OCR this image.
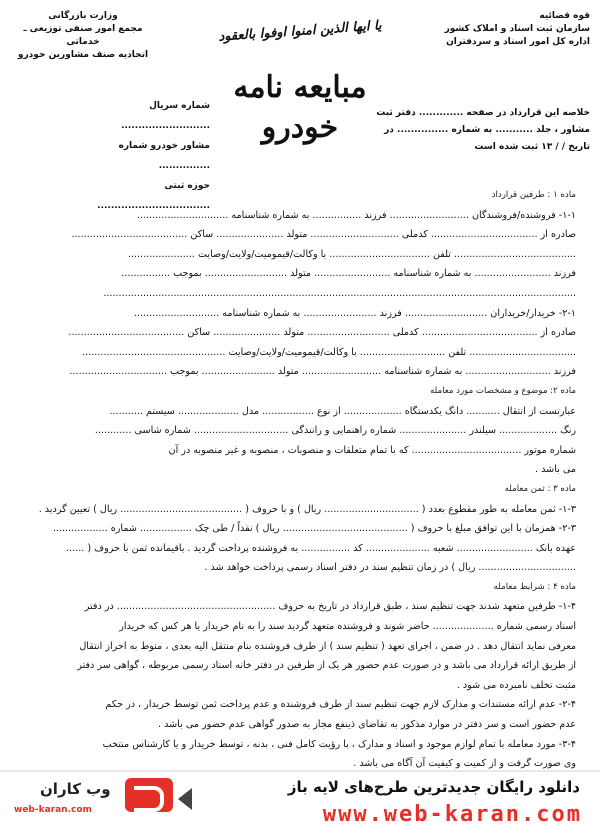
وزارت بازرگانی
مجمع امور صنفی توزیعی ـ خدماتی
اتحادیه صنف مشاورین خودرو
قوه قضائیه
سازمان ثبت اسناد و املاک کشور
اداره کل امور اسناد و سردفتران
یا ایها الذین امنوا اوفوا بالعقود
مبایعه نامه
خودرو
شماره سریال ..........................
مشاور خودرو شماره ...............
حوزه ثبتی .................................
خلاصه این قرارداد در صفحه ............. دفتر ثبت
مشاور ، جلد ........... به شماره ............... در
تاریخ / / ۱۳ ثبت شده است

ماده ۱ : طرفین قرارداد

۱-۱- فروشنده/فروشندگان .......................... فرزند ................ به شماره شناسنامه ..............................

صادره از ................................... کدملی ............................. متولد ...................... ساکن ......................................

........................................ تلفن ................................. با وکالت/قیمومیت/ولایت/وصایت ......................

فرزند ......................... به شماره شناسنامه ......................... متولد ........................... بموجب ................

...........................................................................................................................................................

۲-۱- خریدار/خریداران ........................... فرزند ........................ به شماره شناسنامه ............................

صادره از ...................................... کدملی ........................... متولد ...................... ساکن ......................................

................................... تلفن ............................ با وکالت/قیمومیت/ولایت/وصایت ...............................................

فرزند ............................ به شماره شناسنامه .......................... متولد ........................ بموجب ................................

ماده ۲: موضوع و مشخصات مورد معامله

عبارتست از انتقال ........... دانگ یکدستگاه ................... از نوع ................. مدل .................... سیستم ...........

رنگ ................... سیلندر ...................... شماره راهنمایی و رانندگی ............................... شماره شاسی ............

شماره موتور .................................... که با تمام متعلقات و منصوبات ، منصوبه و غیر منصوبه در آن

می باشد .

ماده ۳ : ثمن معامله

۱-۳- ثمن معامله به طور مقطوع بعدد ( ............................... ریال ) و با حروف ( ........................................ ریال ) تعیین گردید .

۲-۳- همزمان با این توافق مبلغ با حروف ( ......................................... ریال ) نقداً / طی چک ................. شماره ..................

عهده بانک ......................... شعبه ..................... کد ................ به فروشنده پرداخت گردید . باقیمانده ثمن با حروف ( ......

................................ ریال ) در زمان تنظیم سند در دفتر اسناد رسمی پرداخت خواهد شد .

ماده ۴ : شرایط معامله

۱-۴- طرفین متعهد شدند جهت تنظیم سند ، طبق قرارداد در تاریخ به حروف .................................................... در دفتر

اسناد رسمی شماره .................... حاضر شوند و فروشنده متعهد گردید سند را به نام خریدار یا هر کس که خریدار

معرفی نماید انتقال دهد . در ضمن ، اجرای تعهد ( تنظیم سند ) از طرف فروشنده بنام منتقل الیه بعدی ، منوط به احراز انتقال

از طریق ارائه قرارداد می باشد و در صورت عدم حضور هر یک از طرفین در دفتر خانه اسناد رسمی مربوطه ، گواهی سر دفتر

مثبت تخلف نامبرده می شود .

۲-۴- عدم ارائه مستندات و مدارک لازم جهت تنظیم سند از طرف فروشنده و عدم پرداخت ثمن توسط خریدار ، در حکم

عدم حضور است و سر دفتر در موارد مذکور به تقاضای ذینفع مجاز به صدور گواهی عدم حضور می باشد .

۳-۴- مورد معامله با تمام لوازم موجود و اسناد و مدارک ، با رؤیت کامل فنی ، بدنه ، توسط خریدار و یا کارشناس منتخب

وی صورت گرفت و از کمیت و کیفیت آن آگاه می باشد .

وب کاران
web-karan.com
دانلود رایگان جدیدترین طرح‌های لایه باز
www.web-karan.com
